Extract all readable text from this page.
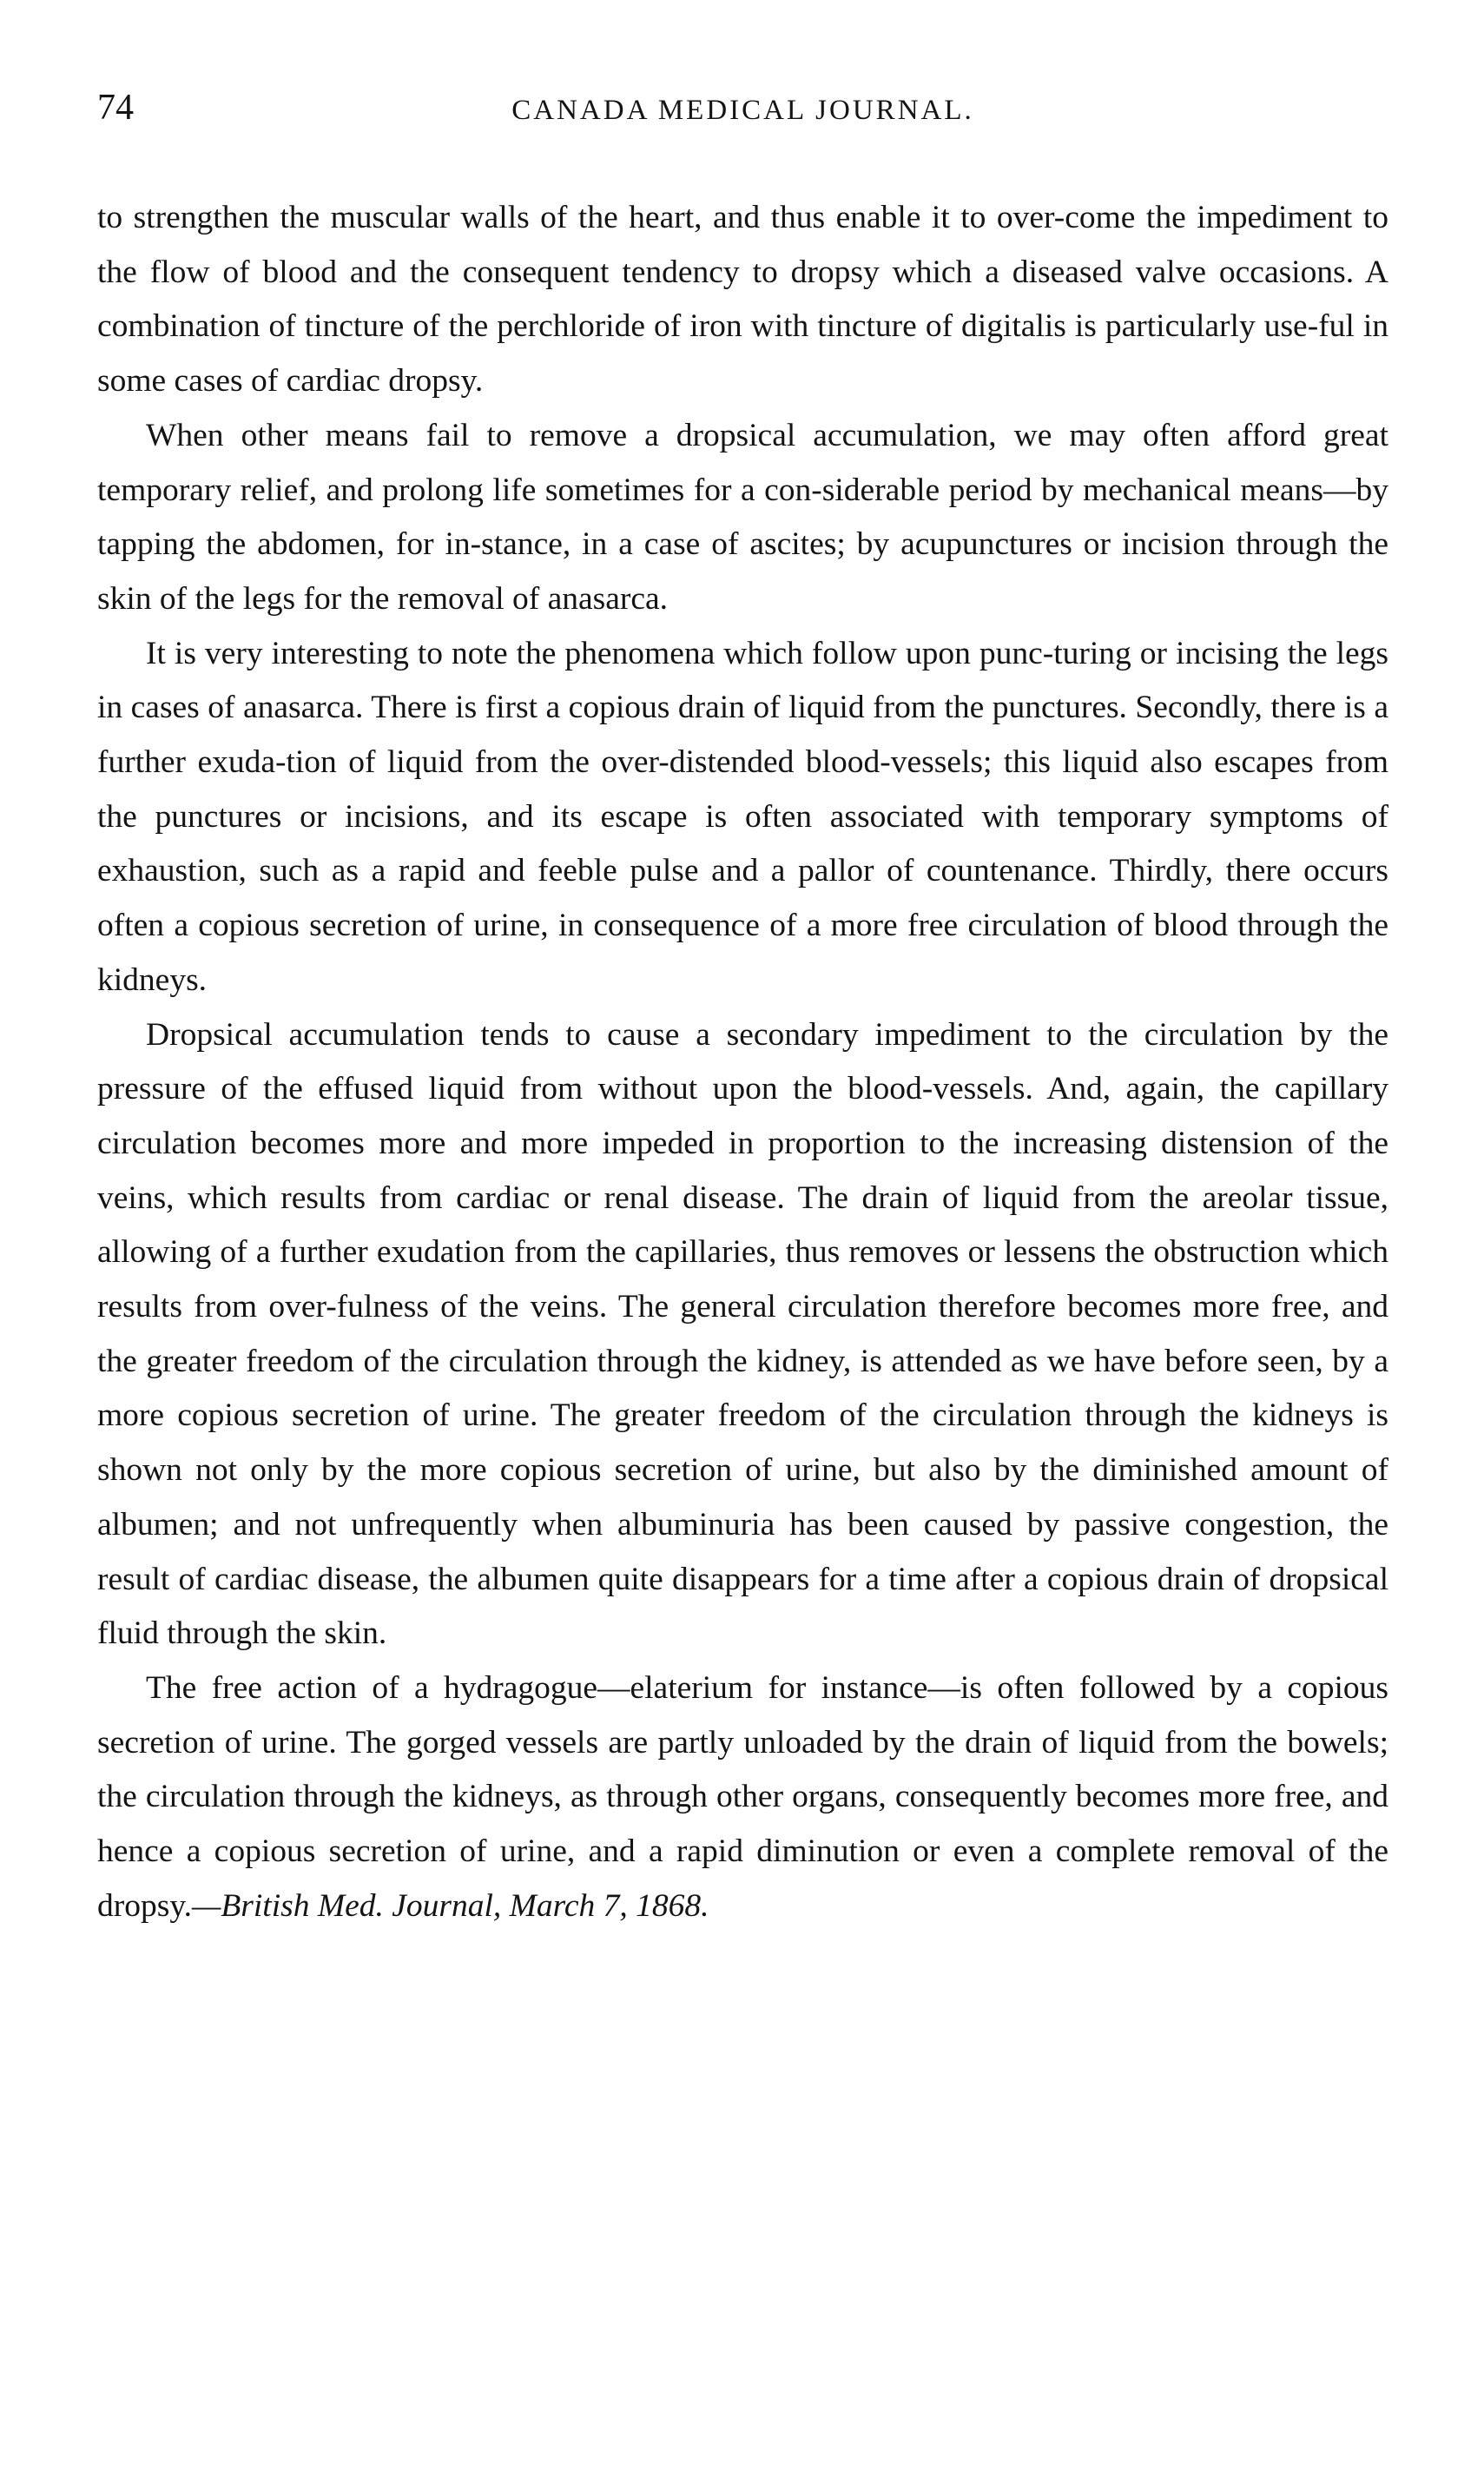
74	CANADA MEDICAL JOURNAL.

to strengthen the muscular walls of the heart, and thus enable it to over-come the impediment to the flow of blood and the consequent tendency to dropsy which a diseased valve occasions. A combination of tincture of the perchloride of iron with tincture of digitalis is particularly use-ful in some cases of cardiac dropsy.

When other means fail to remove a dropsical accumulation, we may often afford great temporary relief, and prolong life sometimes for a con-siderable period by mechanical means—by tapping the abdomen, for in-stance, in a case of ascites; by acupunctures or incision through the skin of the legs for the removal of anasarca.

It is very interesting to note the phenomena which follow upon punc-turing or incising the legs in cases of anasarca. There is first a copious drain of liquid from the punctures. Secondly, there is a further exuda-tion of liquid from the over-distended blood-vessels; this liquid also escapes from the punctures or incisions, and its escape is often associated with temporary symptoms of exhaustion, such as a rapid and feeble pulse and a pallor of countenance. Thirdly, there occurs often a copious secretion of urine, in consequence of a more free circulation of blood through the kidneys.

Dropsical accumulation tends to cause a secondary impediment to the circulation by the pressure of the effused liquid from without upon the blood-vessels. And, again, the capillary circulation becomes more and more impeded in proportion to the increasing distension of the veins, which results from cardiac or renal disease. The drain of liquid from the areolar tissue, allowing of a further exudation from the capillaries, thus removes or lessens the obstruction which results from over-fulness of the veins. The general circulation therefore becomes more free, and the greater freedom of the circulation through the kidney, is attended as we have before seen, by a more copious secretion of urine. The greater freedom of the circulation through the kidneys is shown not only by the more copious secretion of urine, but also by the diminished amount of albumen; and not unfrequently when albuminuria has been caused by passive congestion, the result of cardiac disease, the albumen quite disappears for a time after a copious drain of dropsical fluid through the skin.

The free action of a hydragogue—elaterium for instance—is often followed by a copious secretion of urine. The gorged vessels are partly unloaded by the drain of liquid from the bowels; the circulation through the kidneys, as through other organs, consequently becomes more free, and hence a copious secretion of urine, and a rapid diminution or even a complete removal of the dropsy.—British Med. Journal, March 7, 1868.
